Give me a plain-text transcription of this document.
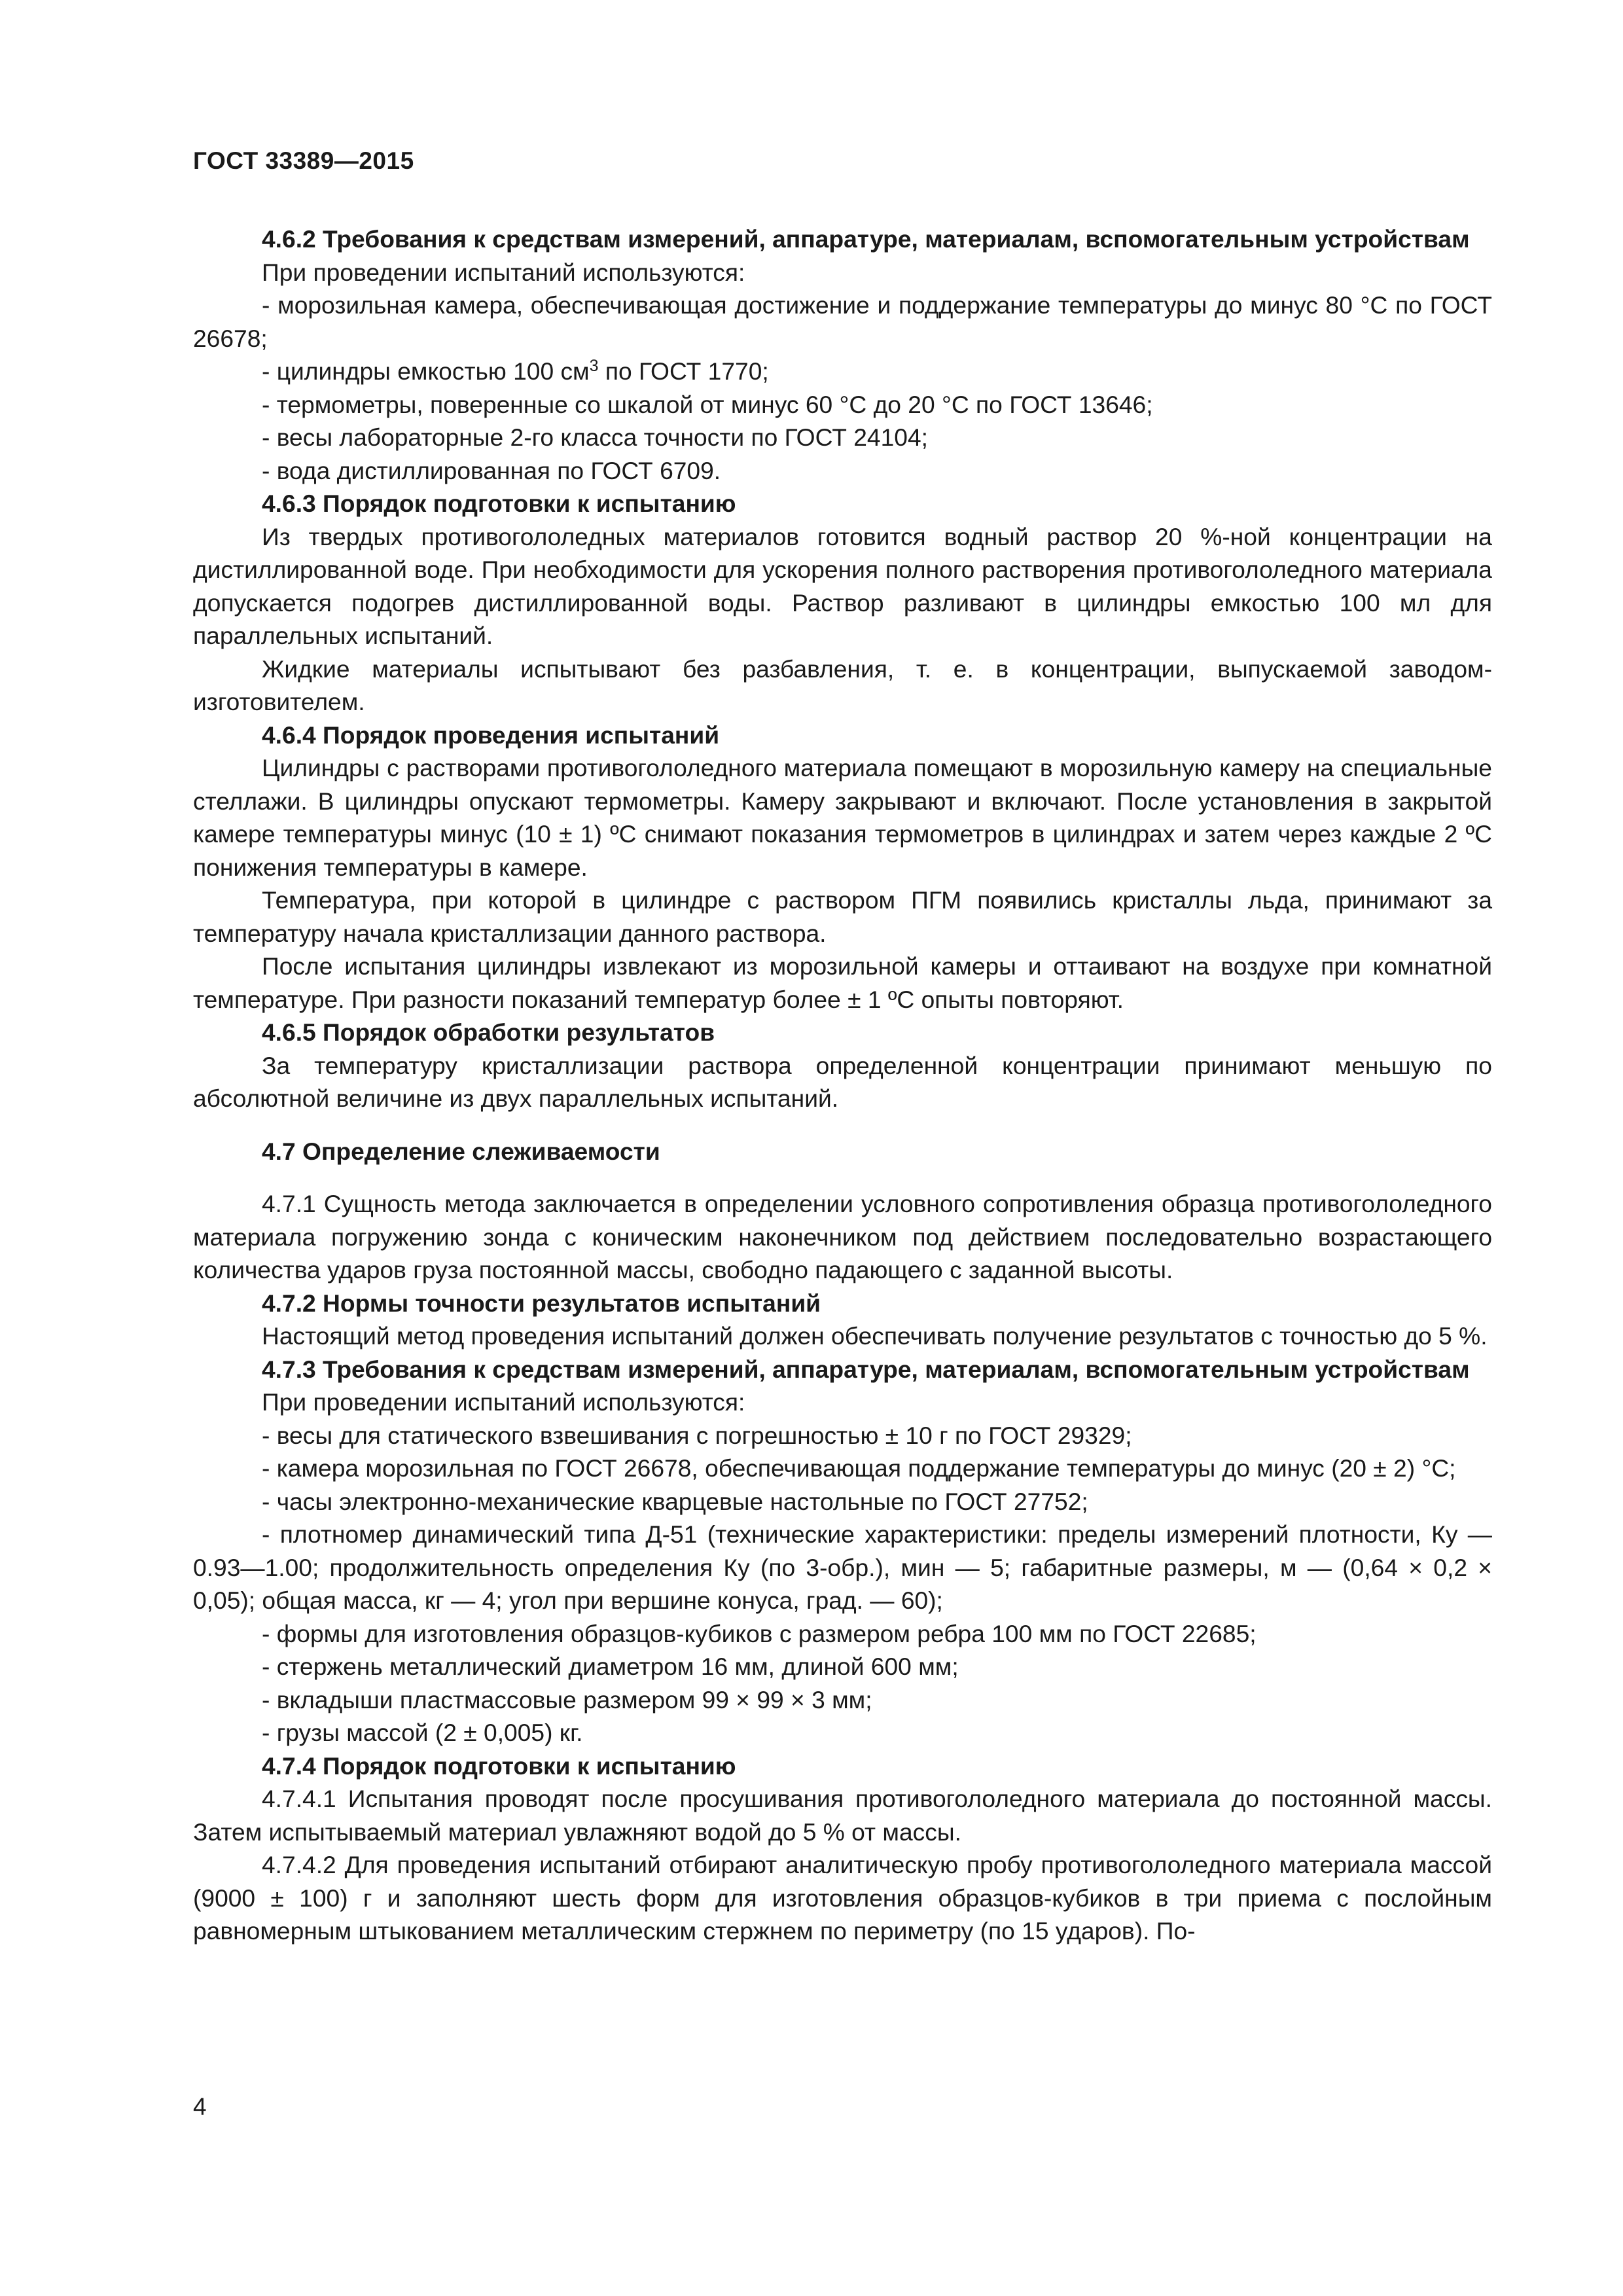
ГОСТ 33389—2015

4.6.2 Требования к средствам измерений, аппаратуре, материалам, вспомогательным устройствам

При проведении испытаний используются:

- морозильная камера, обеспечивающая достижение и поддержание температуры до минус 80 °С по ГОСТ 26678;

- цилиндры емкостью 100 $см^3$ по ГОСТ 1770;

- термометры, поверенные со шкалой от минус 60 °С до 20 °С по ГОСТ 13646;

- весы лабораторные 2-го класса точности по ГОСТ 24104;

- вода дистиллированная по ГОСТ 6709.

4.6.3 Порядок подготовки к испытанию

Из твердых противогололедных материалов готовится водный раствор 20 %-ной концентрации на дистиллированной воде. При необходимости для ускорения полного растворения противогололедного материала допускается подогрев дистиллированной воды. Раствор разливают в цилиндры емкостью 100 мл для параллельных испытаний.

Жидкие материалы испытывают без разбавления, т. е. в концентрации, выпускаемой заводом-изготовителем.

4.6.4 Порядок проведения испытаний

Цилиндры с растворами противогололедного материала помещают в морозильную камеру на специальные стеллажи. В цилиндры опускают термометры. Камеру закрывают и включают. После установления в закрытой камере температуры минус (10 ± 1) ºС снимают показания термометров в цилиндрах и затем через каждые 2 ºС понижения температуры в камере.

Температура, при которой в цилиндре с раствором ПГМ появились кристаллы льда, принимают за температуру начала кристаллизации данного раствора.

После испытания цилиндры извлекают из морозильной камеры и оттаивают на воздухе при комнатной температуре. При разности показаний температур более ± 1 ºС опыты повторяют.

4.6.5 Порядок обработки результатов

За температуру кристаллизации раствора определенной концентрации принимают меньшую по абсолютной величине из двух параллельных испытаний.

4.7 Определение слеживаемости

4.7.1 Сущность метода заключается в определении условного сопротивления образца противогололедного материала погружению зонда с коническим наконечником под действием последовательно возрастающего количества ударов груза постоянной массы, свободно падающего с заданной высоты.

4.7.2 Нормы точности результатов испытаний

Настоящий метод проведения испытаний должен обеспечивать получение результатов с точностью до 5 %.

4.7.3 Требования к средствам измерений, аппаратуре, материалам, вспомогательным устройствам

При проведении испытаний используются:

- весы для статического взвешивания с погрешностью ± 10 г по ГОСТ 29329;

- камера морозильная по ГОСТ 26678, обеспечивающая поддержание температуры до минус (20 ± 2) °С;

- часы электронно-механические кварцевые настольные по ГОСТ 27752;

- плотномер динамический типа Д-51 (технические характеристики: пределы измерений плотности, Ку — 0.93—1.00; продолжительность определения Ку (по 3-обр.), мин — 5; габаритные размеры, м — (0,64 × 0,2 × 0,05); общая масса, кг — 4; угол при вершине конуса, град. — 60);

- формы для изготовления образцов-кубиков с размером ребра 100 мм по ГОСТ 22685;

- стержень металлический диаметром 16 мм, длиной 600 мм;

- вкладыши пластмассовые размером 99 × 99 × 3 мм;

- грузы массой (2 ± 0,005) кг.

4.7.4 Порядок подготовки к испытанию

4.7.4.1 Испытания проводят после просушивания противогололедного материала до постоянной массы. Затем испытываемый материал увлажняют водой до 5 % от массы.

4.7.4.2 Для проведения испытаний отбирают аналитическую пробу противогололедного материала массой (9000 ± 100) г и заполняют шесть форм для изготовления образцов-кубиков в три приема с послойным равномерным штыкованием металлическим стержнем по периметру (по 15 ударов). По-

4
